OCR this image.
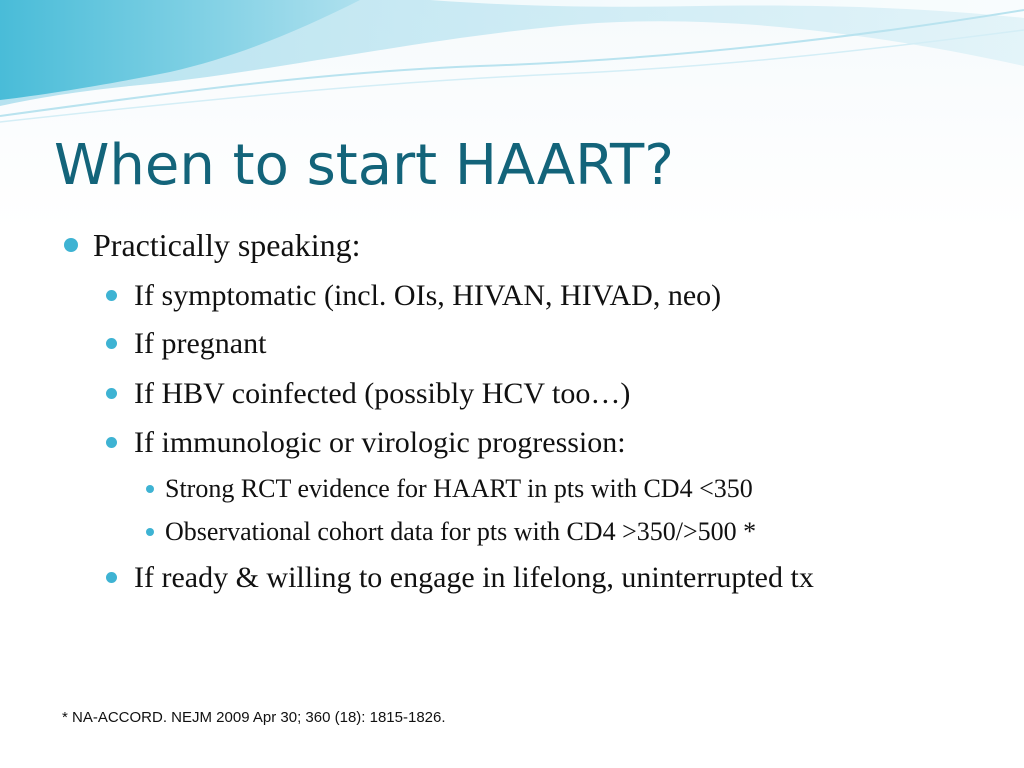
When to start HAART?
Practically speaking:
If symptomatic (incl. OIs, HIVAN, HIVAD, neo)
If pregnant
If HBV coinfected (possibly HCV too…)
If immunologic or virologic progression:
Strong RCT evidence for HAART in pts with CD4 <350
Observational cohort data for pts with CD4 >350/>500 *
If ready & willing to engage in lifelong, uninterrupted tx
* NA-ACCORD. NEJM 2009 Apr 30; 360 (18): 1815-1826.
